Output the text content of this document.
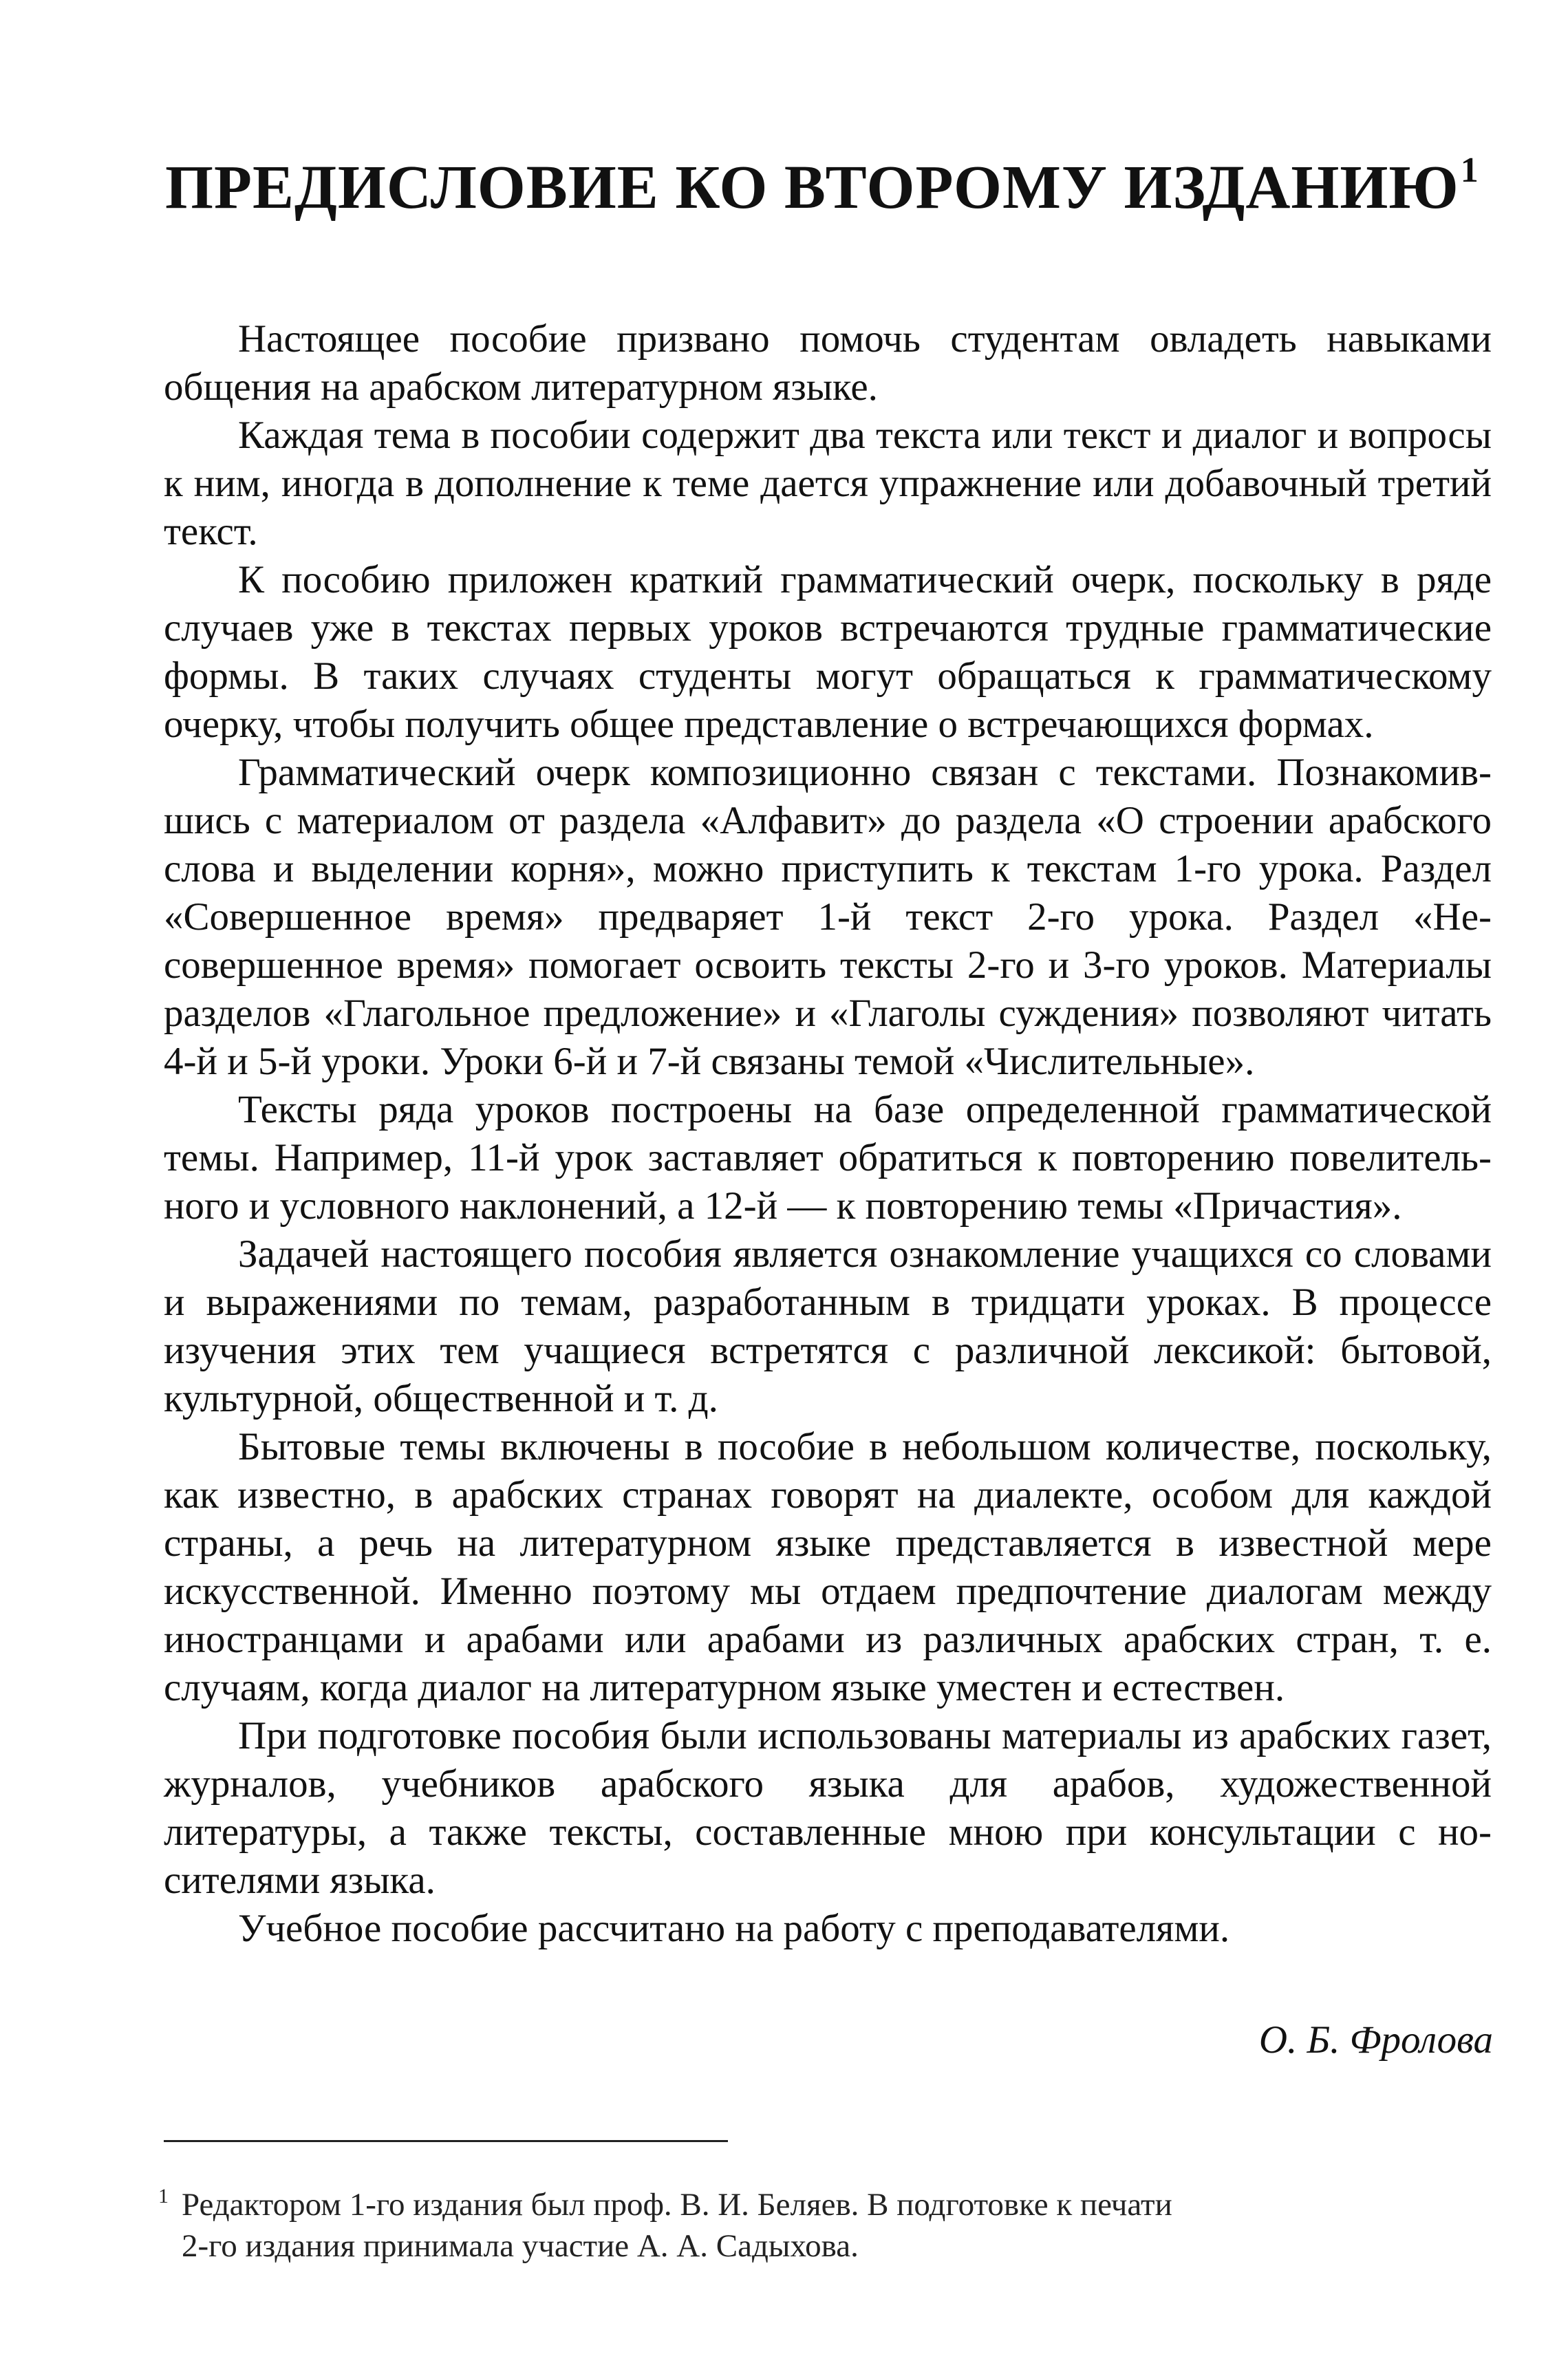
ПРЕДИСЛОВИЕ КО ВТОРОМУ ИЗДАНИЮ$^1$

Настоящее пособие призвано помочь студентам овладеть навыками общения на арабском литературном языке.

Каждая тема в пособии содержит два текста или текст и диалог и вопросы к ним, иногда в дополнение к теме дается упражнение или добавочный третий текст.

К пособию приложен краткий грамматический очерк, поскольку в ряде случаев уже в текстах первых уроков встречаются трудные грамматические формы. В таких случаях студенты могут обращаться к грамматическому очерку, чтобы получить общее представление о встречающихся формах.

Грамматический очерк композиционно связан с текстами. Познакомившись с материалом от раздела «Алфавит» до раздела «О строении арабского слова и выделении корня», можно приступить к текстам 1-го урока. Раздел «Совершенное время» предваряет 1-й текст 2-го урока. Раздел «Несовершенное время» помогает освоить тексты 2-го и 3-го уроков. Материалы разделов «Глагольное предложение» и «Глаголы суждения» позволяют читать 4-й и 5-й уроки. Уроки 6-й и 7-й связаны темой «Числительные».

Тексты ряда уроков построены на базе определенной грамматической темы. Например, 11-й урок заставляет обратиться к повторению повелительного и условного наклонений, а 12-й — к повторению темы «Причастия».

Задачей настоящего пособия является ознакомление учащихся со словами и выражениями по темам, разработанным в тридцати уроках. В процессе изучения этих тем учащиеся встретятся с различной лексикой: бытовой, культурной, общественной и т. д.

Бытовые темы включены в пособие в небольшом количестве, поскольку, как известно, в арабских странах говорят на диалекте, особом для каждой страны, а речь на литературном языке представляется в известной мере искусственной. Именно поэтому мы отдаем предпочтение диалогам между иностранцами и арабами или арабами из различных арабских стран, т. е. случаям, когда диалог на литературном языке уместен и естествен.

При подготовке пособия были использованы материалы из арабских газет, журналов, учебников арабского языка для арабов, художественной литературы, а также тексты, составленные мною при консультации с носителями языка.

Учебное пособие рассчитано на работу с преподавателями.

О. Б. Фролова

1 Редактором 1-го издания был проф. В. И. Беляев. В подготовке к печати
2-го издания принимала участие А. А. Садыхова.
